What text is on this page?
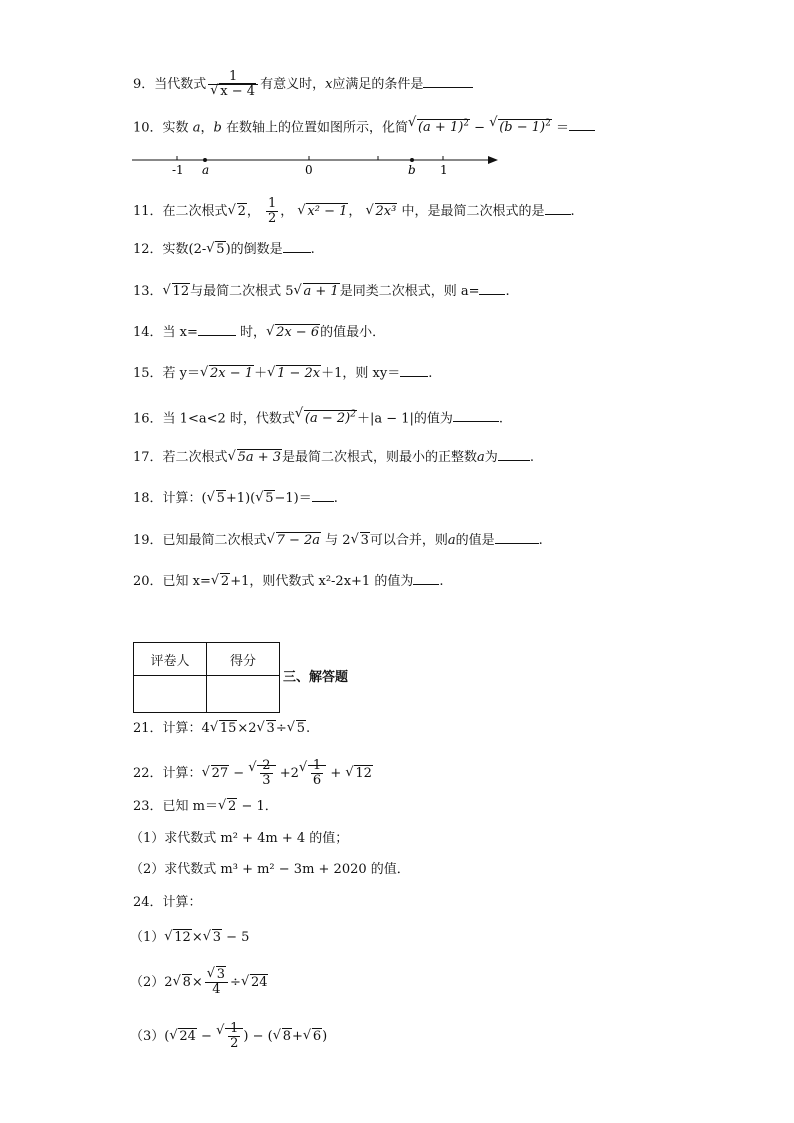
9．当代数式 1
√ x − 4 有意义时，x应满足的条件是
10．实数 a，b 在数轴上的位置如图所示，化简 √ $(a + 1)^2$ − √ $(b - 1)^2$ ＝
-1 a	0	b 1
11．在二次根式 √ 2， $\frac{1}{2}$ ， √ x² − 1， √ 2x³ 中，是最简二次根式的是 .
12．实数(2- √ 5)的倒数是 .
13． √ 12与最简二次根式 5 √ a + 1是同类二次根式，则 a= .
14．当 x=	时， √ 2x − 6的值最小．
15．若 y＝ √ 2x − 1＋ √ 1 − 2x＋1，则 xy＝ .
16．当 1<a<2 时，代数式 √ $(a - 2)^2+|a - 1|$的值为	.
17．若二次根式 √ 5a + 3是最简二次根式，则最小的正整数a为 .
18．计算：( √ 5+1)( √ 5−1)＝ .
19．已知最简二次根式 √ 7 − 2a 与 2 √ 3可以合并，则a的值是	.
20．已知 x= √ 2+1，则代数式 x²-2x+1 的值为 .
评卷人	得分

三、解答题
21．计算：4 √ 15×2 √ 3÷ √ 5.
22．计算： √ 27 − √ $\frac{2}{3} +2$ √ $\frac{1}{6}$ + √ 12
23．已知 m＝ √ 2 − 1．
（1）求代数式 m² + 4m + 4 的值；
（2）求代数式 m³ + m² − 3m + 2020 的值．
24．计算：
（1） √ 12× √ 3 − 5
（2）2 √ 8× √ $\frac{3}{4}$ ÷ √ 24
（3）( √ 24 − √ $\frac{1}{2}$ ) − ( √ 8+ √ 6)
